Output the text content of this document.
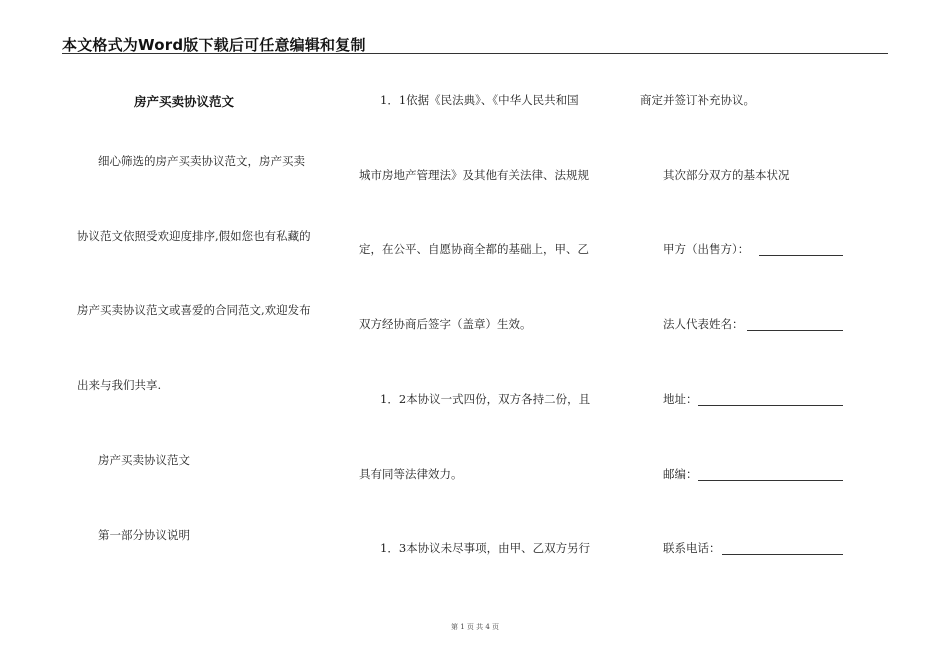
本文格式为Word版下载后可任意编辑和复制
房产买卖协议范文
细心筛选的房产买卖协议范文，房产买卖
协议范文依照受欢迎度排序,假如您也有私藏的
房产买卖协议范文或喜爱的合同范文,欢迎发布
出来与我们共享.
房产买卖协议范文
第一部分协议说明
1．1依据《民法典》、《中华人民共和国
城市房地产管理法》及其他有关法律、法规规
定，在公平、自愿协商全都的基础上，甲、乙
双方经协商后签字（盖章）生效。
1．2本协议一式四份，双方各持二份，且
具有同等法律效力。
1．3本协议未尽事项，由甲、乙双方另行
商定并签订补充协议。
其次部分双方的基本状况
甲方（出售方）：
法人代表姓名：
地址：
邮编：
联系电话：
第 1 页 共 4 页
